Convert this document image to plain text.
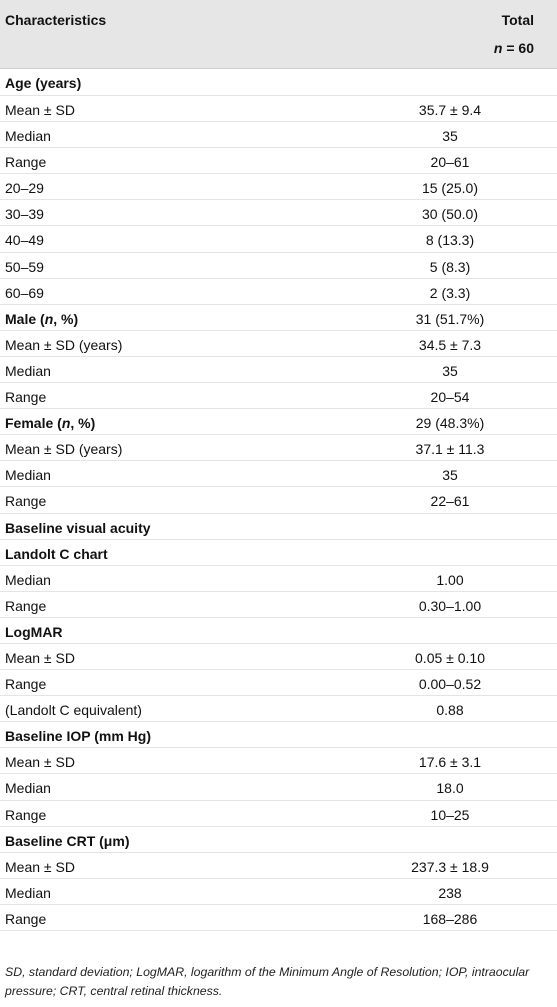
Characteristics	Total
n = 60
Age (years)
Mean ± SD	35.7 ± 9.4
Median	35
Range	20–61
20–29	15 (25.0)
30–39	30 (50.0)
40–49	8 (13.3)
50–59	5 (8.3)
60–69	2 (3.3)
Male (n, %)	31 (51.7%)
Mean ± SD (years)	34.5 ± 7.3
Median	35
Range	20–54
Female (n, %)	29 (48.3%)
Mean ± SD (years)	37.1 ± 11.3
Median	35
Range	22–61
Baseline visual acuity
Landolt C chart
Median	1.00
Range	0.30–1.00
LogMAR
Mean ± SD	0.05 ± 0.10
Range	0.00–0.52
(Landolt C equivalent)	0.88
Baseline IOP (mm Hg)
Mean ± SD	17.6 ± 3.1
Median	18.0
Range	10–25
Baseline CRT (μm)
Mean ± SD	237.3 ± 18.9
Median	238
Range	168–286
SD, standard deviation; LogMAR, logarithm of the Minimum Angle of Resolution; IOP, intraocular pressure; CRT, central retinal thickness.
